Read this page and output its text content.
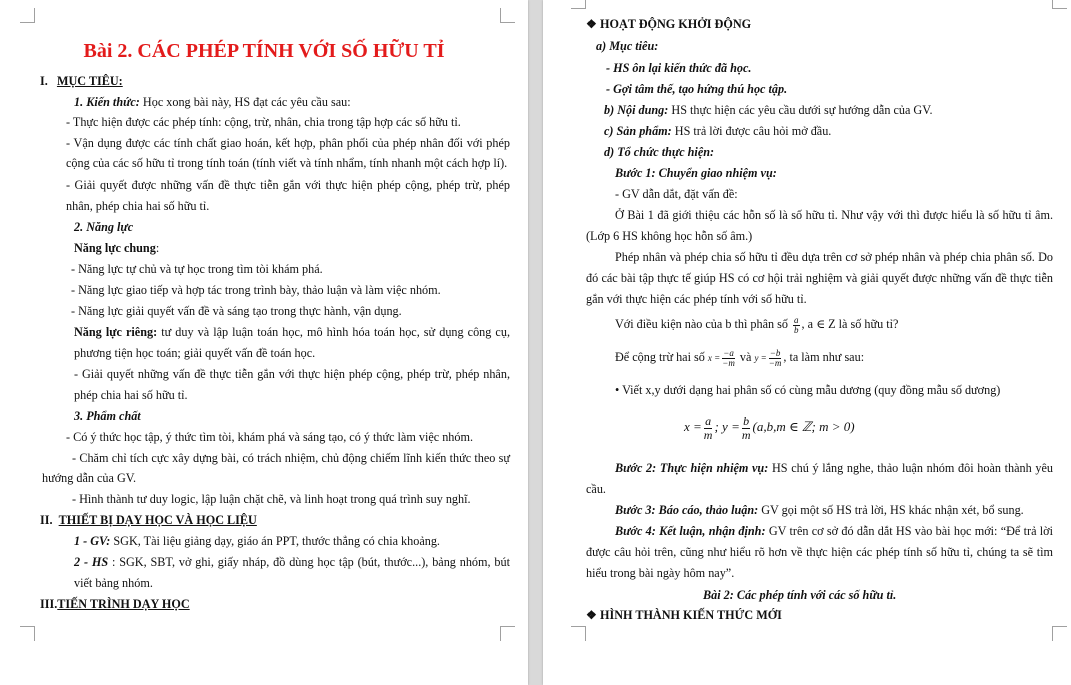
Bài 2. CÁC PHÉP TÍNH VỚI SỐ HỮU TỈ
I. MỤC TIÊU:
1. Kiến thức: Học xong bài này, HS đạt các yêu cầu sau:
- Thực hiện được các phép tính: cộng, trừ, nhân, chia trong tập hợp các số hữu tỉ.
- Vận dụng được các tính chất giao hoán, kết hợp, phân phối của phép nhân đối với phép
cộng của các số hữu tỉ trong tính toán (tính viết và tính nhẩm, tính nhanh một cách hợp lí).
- Giải quyết được những vấn đề thực tiễn gắn với thực hiện phép cộng, phép trừ, phép
nhân, phép chia hai số hữu tỉ.
2. Năng lực
Năng lực chung:
- Năng lực tự chủ và tự học trong tìm tòi khám phá.
- Năng lực giao tiếp và hợp tác trong trình bày, thảo luận và làm việc nhóm.
- Năng lực giải quyết vấn đề và sáng tạo trong thực hành, vận dụng.
Năng lực riêng: tư duy và lập luận toán học, mô hình hóa toán học, sử dụng công cụ,
phương tiện học toán; giải quyết vấn đề toán học.
- Giải quyết những vấn đề thực tiễn gắn với thực hiện phép cộng, phép trừ, phép nhân,
phép chia hai số hữu tỉ.
3. Phẩm chất
- Có ý thức học tập, ý thức tìm tòi, khám phá và sáng tạo, có ý thức làm việc nhóm.
- Chăm chỉ tích cực xây dựng bài, có trách nhiệm, chủ động chiếm lĩnh kiến thức theo sự
hướng dẫn của GV.
- Hình thành tư duy logic, lập luận chặt chẽ, và linh hoạt trong quá trình suy nghĩ.
II. THIẾT BỊ DẠY HỌC VÀ HỌC LIỆU
1 - GV: SGK, Tài liệu giảng dạy, giáo án PPT, thước thẳng có chia khoảng.
2 - HS : SGK, SBT, vở ghi, giấy nháp, đồ dùng học tập (bút, thước...), bảng nhóm, bút
viết bảng nhóm.
III.TIẾN TRÌNH DẠY HỌC
❖ HOẠT ĐỘNG KHỞI ĐỘNG
a) Mục tiêu:
- HS ôn lại kiến thức đã học.
- Gợi tâm thế, tạo hứng thú học tập.
b) Nội dung: HS thực hiện các yêu cầu dưới sự hướng dẫn của GV.
c) Sản phẩm: HS trả lời được câu hỏi mở đầu.
d) Tổ chức thực hiện:
Bước 1: Chuyển giao nhiệm vụ:
- GV dẫn dắt, đặt vấn đề:
Ở Bài 1 đã giới thiệu các hỗn số là số hữu tỉ. Như vậy với thì được hiểu là số hữu tỉ âm.
(Lớp 6 HS không học hỗn số âm.)
Phép nhân và phép chia số hữu tỉ đều dựa trên cơ sở phép nhân và phép chia phân số. Do
đó các bài tập thực tế giúp HS có cơ hội trải nghiệm và giải quyết được những vấn đề thực tiễn
gắn với thực hiện các phép tính với số hữu tỉ.
Với điều kiện nào của b thì phân số $\frac{a}{b}$ , a ∈ Z là số hữu tỉ?
Để cộng trừ hai số $x = \frac{-a}{-m}$ và $y = \frac{-b}{-m}$ , ta làm như sau:
• Viết x,y dưới dạng hai phân số có cùng mẫu dương (quy đồng mẫu số dương)
$x = \frac{a}{m}$ ; $y = \frac{b}{m} (a,b,m$ ∈ ℤ; m > 0)
Bước 2: Thực hiện nhiệm vụ: HS chú ý lắng nghe, thảo luận nhóm đôi hoàn thành yêu
cầu.
Bước 3: Báo cáo, thảo luận: GV gọi một số HS trả lời, HS khác nhận xét, bổ sung.
Bước 4: Kết luận, nhận định: GV trên cơ sở đó dẫn dắt HS vào bài học mới: “Để trả lời
được câu hỏi trên, cũng như hiểu rõ hơn về thực hiện các phép tính số hữu tỉ, chúng ta sẽ tìm
hiểu trong bài ngày hôm nay”.
Bài 2: Các phép tính với các số hữu tỉ.
❖ HÌNH THÀNH KIẾN THỨC MỚI
